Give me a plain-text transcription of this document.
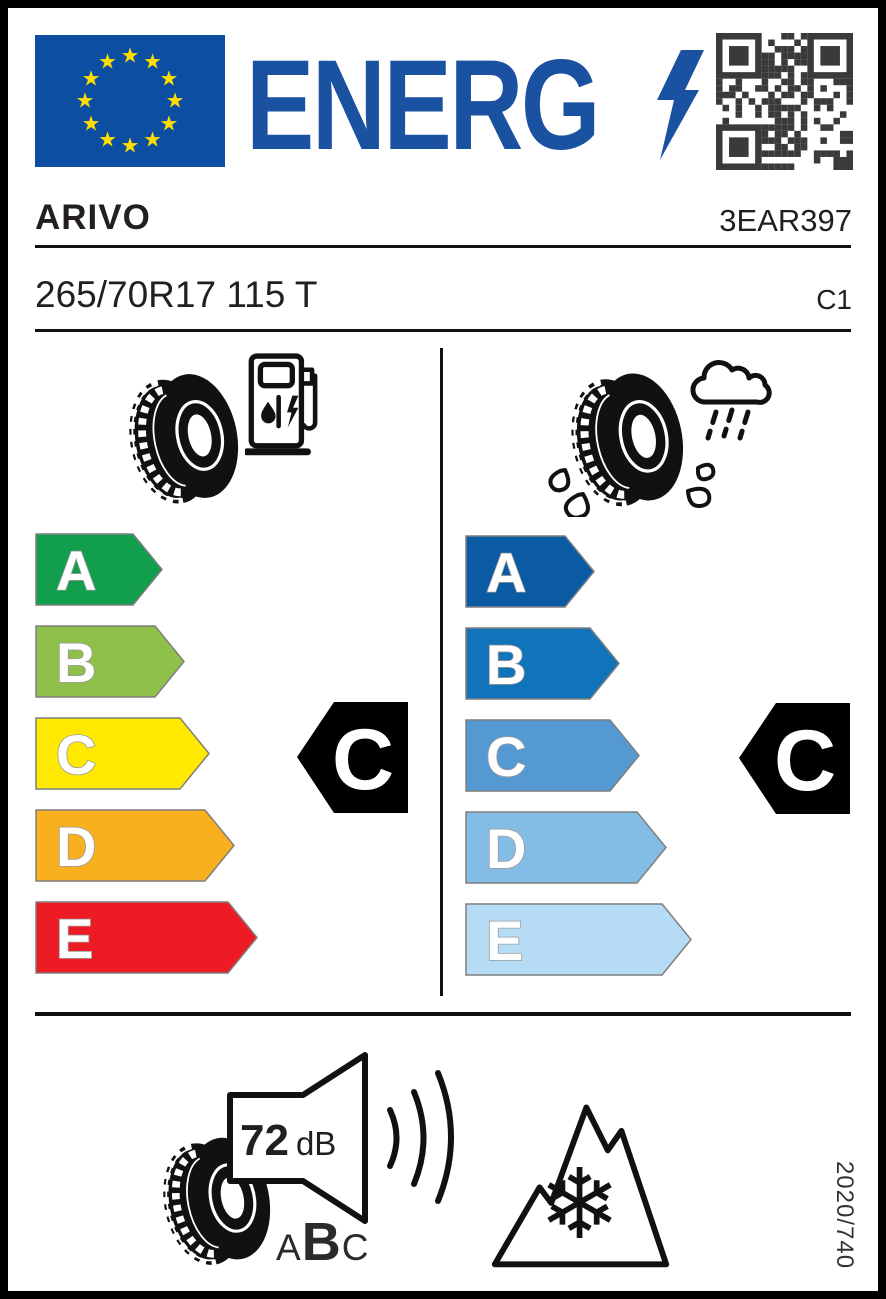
★ ★
★
★
★
★
★
★
★
★
★
★ ENERG
ARIVO	3EAR397
265/70R17 115 T	C1
A
B
C
D
E
A
B
C
D
E
C	C
72 dB
A B C ❄	2020/740
